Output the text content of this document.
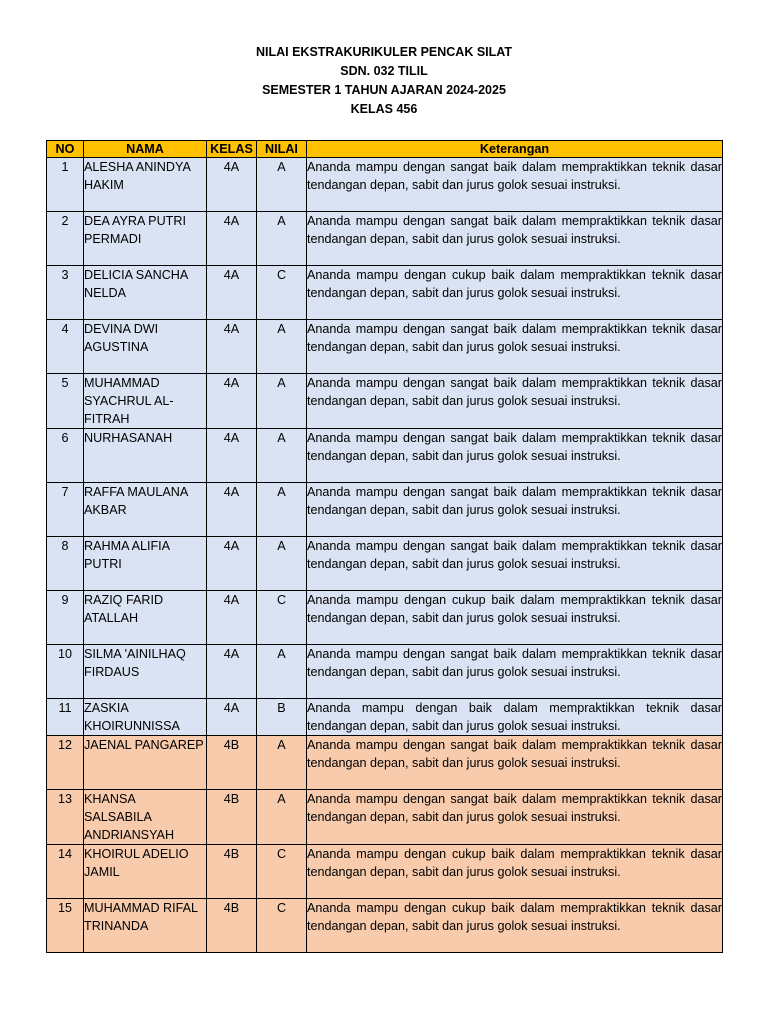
NILAI EKSTRAKURIKULER PENCAK SILAT
SDN. 032 TILIL
SEMESTER 1 TAHUN AJARAN 2024-2025
KELAS 456
NO	NAMA	KELAS	NILAI	Keterangan
1	ALESHA ANINDYA HAKIM	4A	A	Ananda mampu dengan sangat baik dalam mempraktikkan teknik dasar tendangan depan, sabit dan jurus golok sesuai instruksi.
2	DEA AYRA PUTRI PERMADI	4A	A	Ananda mampu dengan sangat baik dalam mempraktikkan teknik dasar tendangan depan, sabit dan jurus golok sesuai instruksi.
3	DELICIA SANCHA NELDA	4A	C	Ananda mampu dengan cukup baik dalam mempraktikkan teknik dasar tendangan depan, sabit dan jurus golok sesuai instruksi.
4	DEVINA DWI AGUSTINA	4A	A	Ananda mampu dengan sangat baik dalam mempraktikkan teknik dasar tendangan depan, sabit dan jurus golok sesuai instruksi.
5	MUHAMMAD SYACHRUL AL-FITRAH	4A	A	Ananda mampu dengan sangat baik dalam mempraktikkan teknik dasar tendangan depan, sabit dan jurus golok sesuai instruksi.
6	NURHASANAH	4A	A	Ananda mampu dengan sangat baik dalam mempraktikkan teknik dasar tendangan depan, sabit dan jurus golok sesuai instruksi.
7	RAFFA MAULANA AKBAR	4A	A	Ananda mampu dengan sangat baik dalam mempraktikkan teknik dasar tendangan depan, sabit dan jurus golok sesuai instruksi.
8	RAHMA ALIFIA PUTRI	4A	A	Ananda mampu dengan sangat baik dalam mempraktikkan teknik dasar tendangan depan, sabit dan jurus golok sesuai instruksi.
9	RAZIQ FARID ATALLAH	4A	C	Ananda mampu dengan cukup baik dalam mempraktikkan teknik dasar tendangan depan, sabit dan jurus golok sesuai instruksi.
10	SILMA 'AINILHAQ FIRDAUS	4A	A	Ananda mampu dengan sangat baik dalam mempraktikkan teknik dasar tendangan depan, sabit dan jurus golok sesuai instruksi.
11	ZASKIA KHOIRUNNISSA	4A	B	Ananda mampu dengan baik dalam mempraktikkan teknik dasar tendangan depan, sabit dan jurus golok sesuai instruksi.
12	JAENAL PANGAREP	4B	A	Ananda mampu dengan sangat baik dalam mempraktikkan teknik dasar tendangan depan, sabit dan jurus golok sesuai instruksi.
13	KHANSA SALSABILA ANDRIANSYAH	4B	A	Ananda mampu dengan sangat baik dalam mempraktikkan teknik dasar tendangan depan, sabit dan jurus golok sesuai instruksi.
14	KHOIRUL ADELIO JAMIL	4B	C	Ananda mampu dengan cukup baik dalam mempraktikkan teknik dasar tendangan depan, sabit dan jurus golok sesuai instruksi.
15	MUHAMMAD RIFAL TRINANDA	4B	C	Ananda mampu dengan cukup baik dalam mempraktikkan teknik dasar tendangan depan, sabit dan jurus golok sesuai instruksi.
